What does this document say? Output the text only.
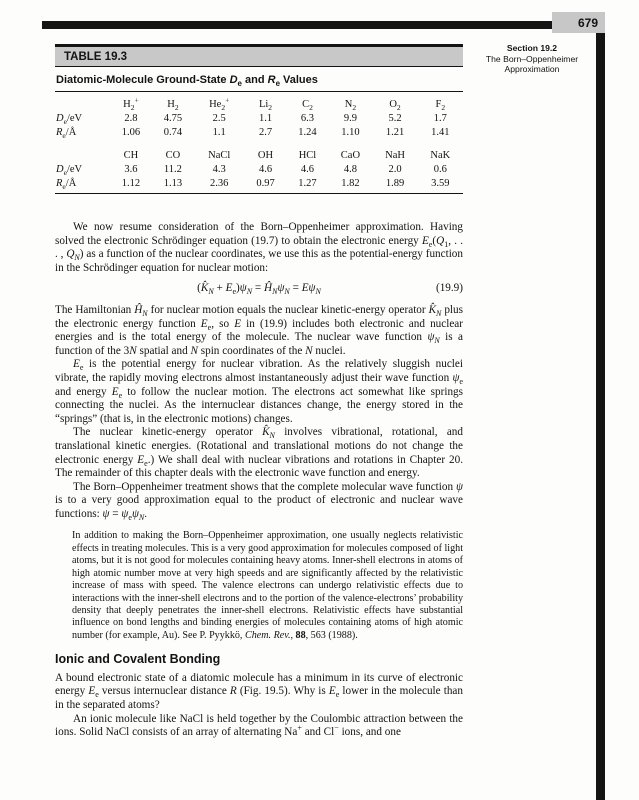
679
Section 19.2
The Born–Oppenheimer
Approximation
TABLE 19.3
Diatomic-Molecule Ground-State $D_e$ and $R_e$ Values
	$H_2^+$	$H_2$	$He_2^+$	$Li_2$	$C_2$	$N_2$	$O_2$	$F_2$
$D_e/eV$	2.8	4.75	2.5	1.1	6.3	9.9	5.2	1.7
$R_e/Å$	1.06	0.74	1.1	2.7	1.24	1.10	1.21	1.41

	CH	CO	NaCl	OH	HCl	CaO	NaH	NaK
$D_e/eV$	3.6	11.2	4.3	4.6	4.6	4.8	2.0	0.6
$R_e/Å$	1.12	1.13	2.36	0.97	1.27	1.82	1.89	3.59

We now resume consideration of the Born–Oppenheimer approximation. Having solved the electronic Schrödinger equation (19.7) to obtain the electronic energy $E_e(Q_1$, . . . , $Q_N$) as a function of the nuclear coordinates, we use this as the potential-energy function in the Schrödinger equation for nuclear motion:

$(K̂_N + E_e)\psi_N$ = $Ĥ_N\psi_N = E\psi_N$	(19.9)

The Hamiltonian $Ĥ_N$ for nuclear motion equals the nuclear kinetic-energy operator $K̂_N$ plus the electronic energy function $E_e$, so E in (19.9) includes both electronic and nuclear energies and is the total energy of the molecule. The nuclear wave function $\psi_N$ is a function of the 3N spatial and N spin coordinates of the N nuclei.

$E_e$ is the potential energy for nuclear vibration. As the relatively sluggish nuclei vibrate, the rapidly moving electrons almost instantaneously adjust their wave function $\psi_e$ and energy $E_e$ to follow the nuclear motion. The electrons act somewhat like springs connecting the nuclei. As the internuclear distances change, the energy stored in the “springs” (that is, in the electronic motions) changes.

The nuclear kinetic-energy operator $K̂_N$ involves vibrational, rotational, and translational kinetic energies. (Rotational and translational motions do not change the electronic energy $E_e$.) We shall deal with nuclear vibrations and rotations in Chapter 20. The remainder of this chapter deals with the electronic wave function and energy.

The Born–Oppenheimer treatment shows that the complete molecular wave function ψ is to a very good approximation equal to the product of electronic and nuclear wave functions: $\psi = \psi_e\psi_N$.

In addition to making the Born–Oppenheimer approximation, one usually neglects relativistic effects in treating molecules. This is a very good approximation for molecules composed of light atoms, but it is not good for molecules containing heavy atoms. Inner-shell electrons in atoms of high atomic number move at very high speeds and are significantly affected by the relativistic increase of mass with speed. The valence electrons can undergo relativistic effects due to interactions with the inner-shell electrons and to the portion of the valence-electrons’ probability density that deeply penetrates the inner-shell electrons. Relativistic effects have substantial influence on bond lengths and binding energies of molecules containing atoms of high atomic number (for example, Au). See P. Pyykkö, Chem. Rev., 88, 563 (1988).

Ionic and Covalent Bonding

A bound electronic state of a diatomic molecule has a minimum in its curve of electronic energy $E_e$ versus internuclear distance R (Fig. 19.5). Why is $E_e$ lower in the molecule than in the separated atoms?

An ionic molecule like NaCl is held together by the Coulombic attraction between the ions. Solid NaCl consists of an array of alternating Na+ and Cl− ions, and one
